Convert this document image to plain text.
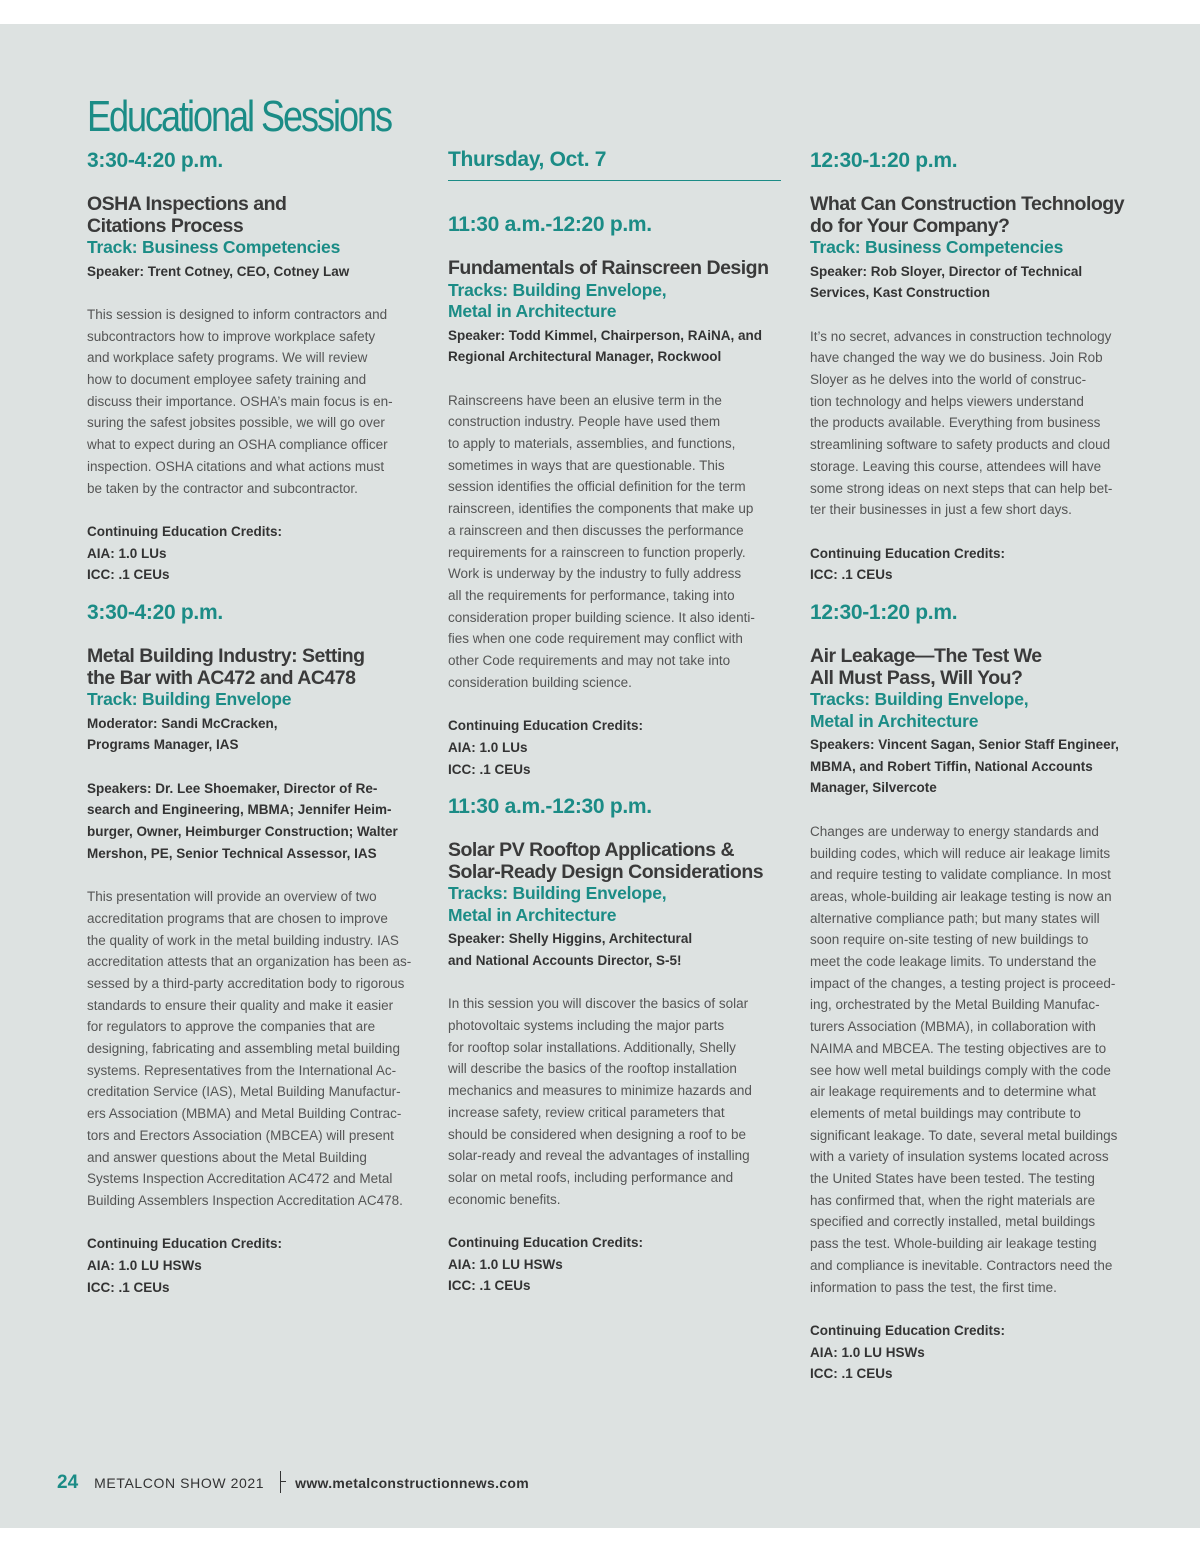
Educational Sessions
3:30-4:20 p.m.
OSHA Inspections and
Citations Process
Track: Business Competencies
Speaker: Trent Cotney, CEO, Cotney Law
This session is designed to inform contractors and
subcontractors how to improve workplace safety
and workplace safety programs. We will review
how to document employee safety training and
discuss their importance. OSHA’s main focus is en-
suring the safest jobsites possible, we will go over
what to expect during an OSHA compliance officer
inspection. OSHA citations and what actions must
be taken by the contractor and subcontractor.
Continuing Education Credits:
AIA: 1.0 LUs
ICC: .1 CEUs
3:30-4:20 p.m.
Metal Building Industry: Setting
the Bar with AC472 and AC478
Track: Building Envelope
Moderator: Sandi McCracken,
Programs Manager, IAS
Speakers: Dr. Lee Shoemaker, Director of Re-
search and Engineering, MBMA; Jennifer Heim-
burger, Owner, Heimburger Construction; Walter
Mershon, PE, Senior Technical Assessor, IAS
This presentation will provide an overview of two
accreditation programs that are chosen to improve
the quality of work in the metal building industry. IAS
accreditation attests that an organization has been as-
sessed by a third-party accreditation body to rigorous
standards to ensure their quality and make it easier
for regulators to approve the companies that are
designing, fabricating and assembling metal building
systems. Representatives from the International Ac-
creditation Service (IAS), Metal Building Manufactur-
ers Association (MBMA) and Metal Building Contrac-
tors and Erectors Association (MBCEA) will present
and answer questions about the Metal Building
Systems Inspection Accreditation AC472 and Metal
Building Assemblers Inspection Accreditation AC478.
Continuing Education Credits:
AIA: 1.0 LU HSWs
ICC: .1 CEUs
Thursday, Oct. 7
11:30 a.m.-12:20 p.m.
Fundamentals of Rainscreen Design
Tracks: Building Envelope,
Metal in Architecture
Speaker: Todd Kimmel, Chairperson, RAiNA, and
Regional Architectural Manager, Rockwool
Rainscreens have been an elusive term in the
construction industry. People have used them
to apply to materials, assemblies, and functions,
sometimes in ways that are questionable. This
session identifies the official definition for the term
rainscreen, identifies the components that make up
a rainscreen and then discusses the performance
requirements for a rainscreen to function properly.
Work is underway by the industry to fully address
all the requirements for performance, taking into
consideration proper building science. It also identi-
fies when one code requirement may conflict with
other Code requirements and may not take into
consideration building science.
Continuing Education Credits:
AIA: 1.0 LUs
ICC: .1 CEUs
11:30 a.m.-12:30 p.m.
Solar PV Rooftop Applications &
Solar-Ready Design Considerations
Tracks: Building Envelope,
Metal in Architecture
Speaker: Shelly Higgins, Architectural
and National Accounts Director, S-5!
In this session you will discover the basics of solar
photovoltaic systems including the major parts
for rooftop solar installations. Additionally, Shelly
will describe the basics of the rooftop installation
mechanics and measures to minimize hazards and
increase safety, review critical parameters that
should be considered when designing a roof to be
solar-ready and reveal the advantages of installing
solar on metal roofs, including performance and
economic benefits.
Continuing Education Credits:
AIA: 1.0 LU HSWs
ICC: .1 CEUs
12:30-1:20 p.m.
What Can Construction Technology
do for Your Company?
Track: Business Competencies
Speaker: Rob Sloyer, Director of Technical
Services, Kast Construction
It’s no secret, advances in construction technology
have changed the way we do business. Join Rob
Sloyer as he delves into the world of construc-
tion technology and helps viewers understand
the products available. Everything from business
streamlining software to safety products and cloud
storage. Leaving this course, attendees will have
some strong ideas on next steps that can help bet-
ter their businesses in just a few short days.
Continuing Education Credits:
ICC: .1 CEUs
12:30-1:20 p.m.
Air Leakage—The Test We
All Must Pass, Will You?
Tracks: Building Envelope,
Metal in Architecture
Speakers: Vincent Sagan, Senior Staff Engineer,
MBMA, and Robert Tiffin, National Accounts
Manager, Silvercote
Changes are underway to energy standards and
building codes, which will reduce air leakage limits
and require testing to validate compliance. In most
areas, whole-building air leakage testing is now an
alternative compliance path; but many states will
soon require on-site testing of new buildings to
meet the code leakage limits. To understand the
impact of the changes, a testing project is proceed-
ing, orchestrated by the Metal Building Manufac-
turers Association (MBMA), in collaboration with
NAIMA and MBCEA. The testing objectives are to
see how well metal buildings comply with the code
air leakage requirements and to determine what
elements of metal buildings may contribute to
significant leakage. To date, several metal buildings
with a variety of insulation systems located across
the United States have been tested. The testing
has confirmed that, when the right materials are
specified and correctly installed, metal buildings
pass the test. Whole-building air leakage testing
and compliance is inevitable. Contractors need the
information to pass the test, the first time.
Continuing Education Credits:
AIA: 1.0 LU HSWs
ICC: .1 CEUs
24 METALCON SHOW 2021 www.metalconstructionnews.com
